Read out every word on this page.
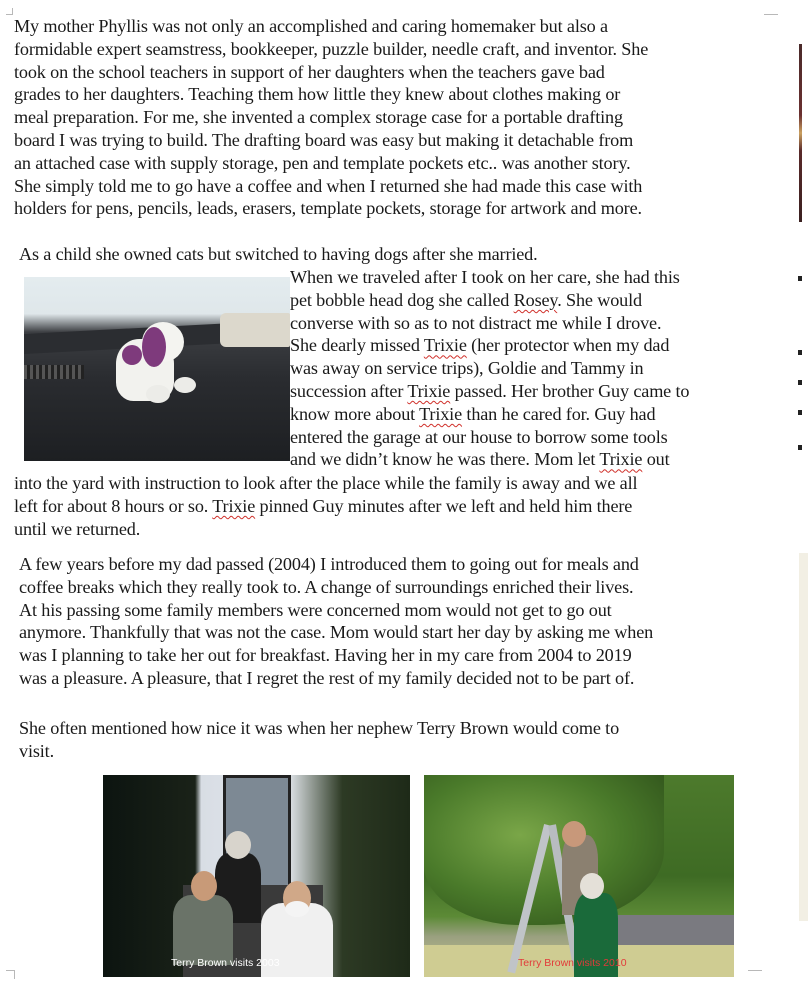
My mother Phyllis was not only an accomplished and caring homemaker but also a
formidable expert seamstress, bookkeeper, puzzle builder, needle craft, and inventor. She
took on the school teachers in support of her daughters when the teachers gave bad
grades to her daughters. Teaching them how little they knew about clothes making or
meal preparation. For me, she invented a complex storage case for a portable drafting
board I was trying to build. The drafting board was easy but making it detachable from
an attached case with supply storage, pen and template pockets etc.. was another story.
She simply told me to go have a coffee and when I returned she had made this case with
holders for pens, pencils, leads, erasers, template pockets, storage for artwork and more.
As a child she owned cats but switched to having dogs after she married.
When we traveled after I took on her care, she had this
pet bobble head dog she called Rosey. She would
converse with so as to not distract me while I drove.
She dearly missed Trixie (her protector when my dad
was away on service trips), Goldie and Tammy in
succession after Trixie passed. Her brother Guy came to
know more about Trixie than he cared for. Guy had
entered the garage at our house to borrow some tools
and we didn’t know he was there. Mom let Trixie out
into the yard with instruction to look after the place while the family is away and we all
left for about 8 hours or so. Trixie pinned Guy minutes after we left and held him there
until we returned.
A few years before my dad passed (2004) I introduced them to going out for meals and
coffee breaks which they really took to. A change of surroundings enriched their lives.
At his passing some family members were concerned mom would not get to go out
anymore. Thankfully that was not the case. Mom would start her day by asking me when
was I planning to take her out for breakfast. Having her in my care from 2004 to 2019
was a pleasure. A pleasure, that I regret the rest of my family decided not to be part of.
She often mentioned how nice it was when her nephew Terry Brown would come to
visit.
Terry Brown visits 2003	Terry Brown visits 2010
